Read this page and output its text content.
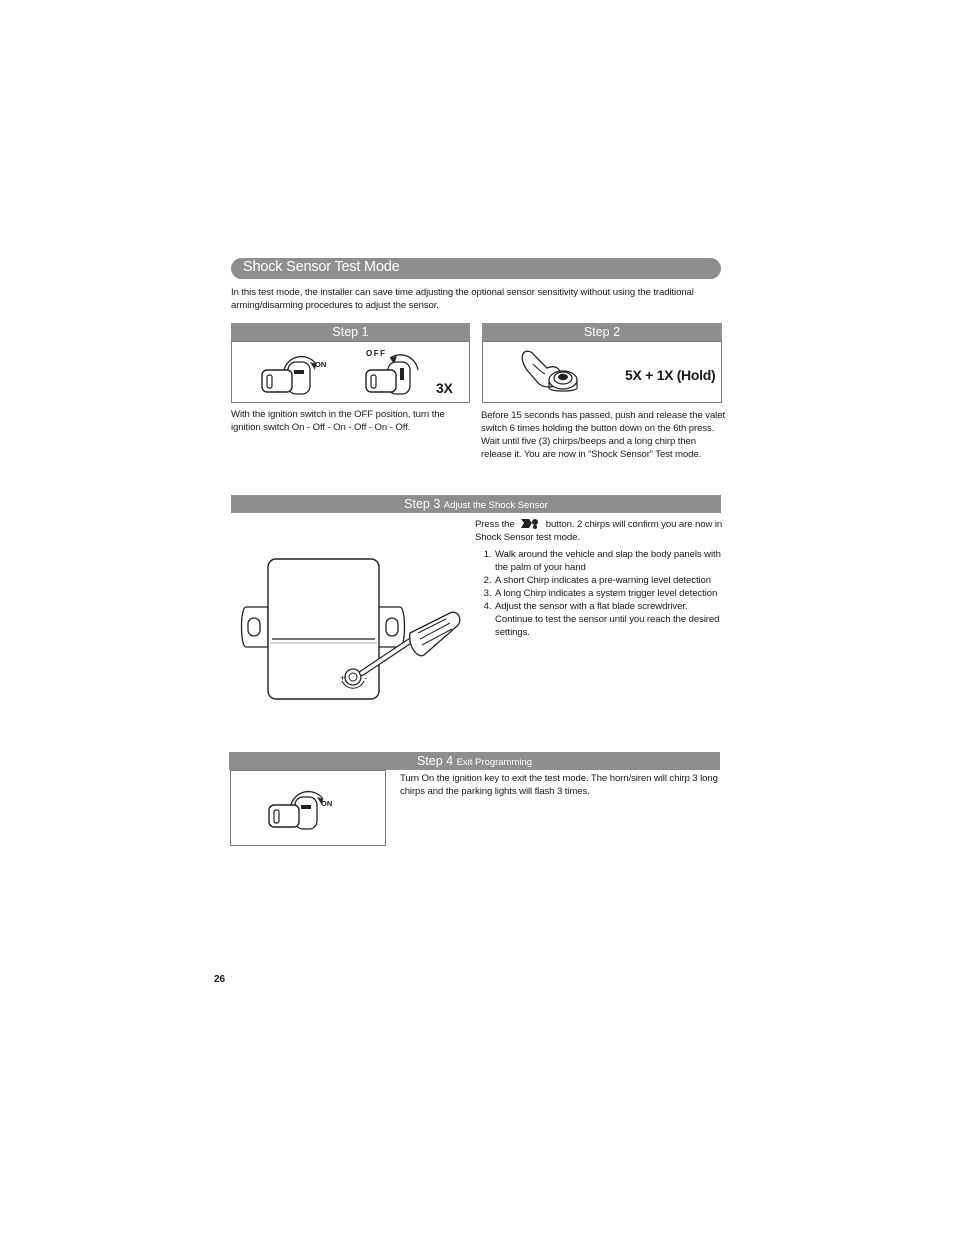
Shock Sensor Test Mode
In this test mode, the installer can save time adjusting the optional sensor sensitivity without using the traditional arming/disarming procedures to adjust the sensor.
Step 1
ON
OFF
3X
With the ignition switch in the OFF position, turn the ignition switch On - Off - On - Off - On - Off.
Step 2
5X + 1X (Hold)
Before 15 seconds has passed, push and release the valet switch 6 times holding the button down on the 6th press. Wait until five (3) chirps/beeps and a long chirp then release it. You are now in “Shock Sensor” Test mode.
Step 3 Adjust the Shock Sensor
+ -
Press the	button. 2 chirps will confirm you are now in Shock Sensor test mode.
1. Walk around the vehicle and slap the body panels with the palm of your hand
2. A short Chirp indicates a pre-warning level detection
3. A long Chirp indicates a system trigger level detection
4. Adjust the sensor with a flat blade screwdriver. Continue to test the sensor until you reach the desired settings.
Step 4 Exit Programming
ON
Turn On the ignition key to exit the test mode. The horn/siren will chirp 3 long chirps and the parking lights will flash 3 times.
26
